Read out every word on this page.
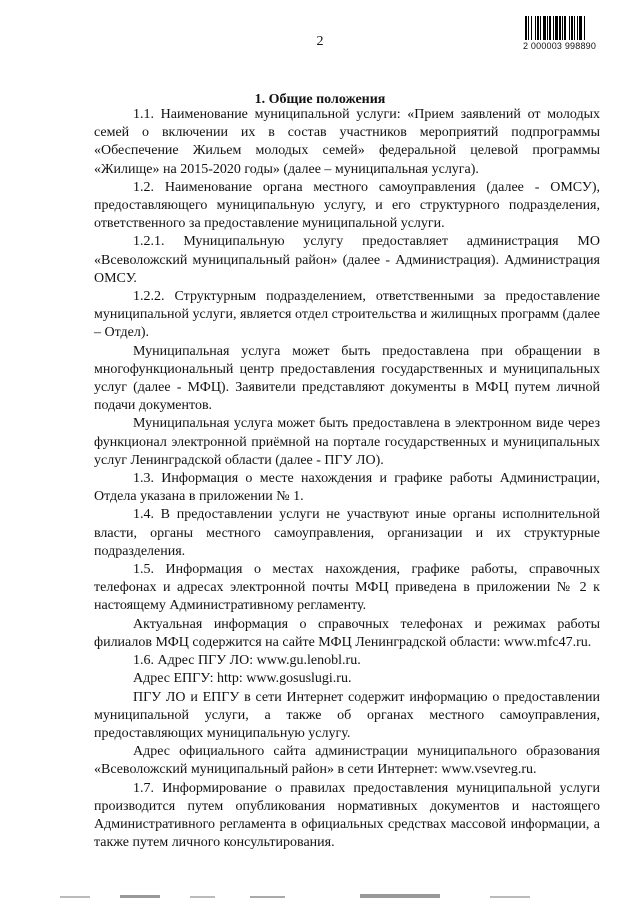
2	2 000003 998890
1. Общие положения

1.1. Наименование муниципальной услуги: «Прием заявлений от молодых семей о включении их в состав участников мероприятий подпрограммы «Обеспечение Жильем молодых семей» федеральной целевой программы «Жилище» на 2015-2020 годы» (далее – муниципальная услуга).

1.2. Наименование органа местного самоуправления (далее - ОМСУ), предоставляющего муниципальную услугу, и его структурного подразделения, ответственного за предоставление муниципальной услуги.

1.2.1. Муниципальную услугу предоставляет администрация МО «Всеволожский муниципальный район» (далее - Администрация). Администрация ОМСУ.

1.2.2. Структурным подразделением, ответственными за предоставление муниципальной услуги, является отдел строительства и жилищных программ (далее – Отдел).

Муниципальная услуга может быть предоставлена при обращении в многофункциональный центр предоставления государственных и муниципальных услуг (далее - МФЦ). Заявители представляют документы в МФЦ путем личной подачи документов.

Муниципальная услуга может быть предоставлена в электронном виде через функционал электронной приёмной на портале государственных и муниципальных услуг Ленинградской области (далее - ПГУ ЛО).

1.3. Информация о месте нахождения и графике работы Администрации, Отдела указана в приложении № 1.

1.4. В предоставлении услуги не участвуют иные органы исполнительной власти, органы местного самоуправления, организации и их структурные подразделения.

1.5. Информация о местах нахождения, графике работы, справочных телефонах и адресах электронной почты МФЦ приведена в приложении № 2 к настоящему Административному регламенту.

Актуальная информация о справочных телефонах и режимах работы филиалов МФЦ содержится на сайте МФЦ Ленинградской области: www.mfc47.ru.

1.6. Адрес ПГУ ЛО: www.gu.lenobl.ru.

Адрес ЕПГУ: http: www.gosuslugi.ru.

ПГУ ЛО и ЕПГУ в сети Интернет содержит информацию о предоставлении муниципальной услуги, а также об органах местного самоуправления, предоставляющих муниципальную услугу.

Адрес официального сайта администрации муниципального образования «Всеволожский муниципальный район» в сети Интернет: www.vsevreg.ru.

1.7. Информирование о правилах предоставления муниципальной услуги производится путем опубликования нормативных документов и настоящего Административного регламента в официальных средствах массовой информации, а также путем личного консультирования.
